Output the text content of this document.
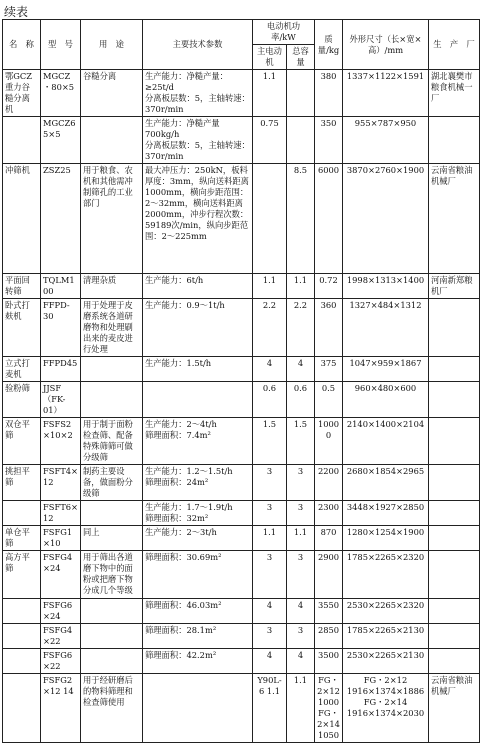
续表
名　称	型　号	用　途	主要技术参数	电动机功率/kW		质量/kg	外形尺寸（长×宽×高）/mm	生　产　厂
				主电动机	总容量			
鄂GCZ重力谷糙分离机	MGCZ・80×5	谷糙分离	生产能力：净糙产量：≥25t/d
分离板层数：5，主轴转速：370r/min	1.1		380	1337×1122×1591	湖北襄樊市粮食机械一厂
	MGCZ65×5		生产能力：净糙产量700kg/h
分离板层数：5，主轴转速：370r/min	0.75		350	955×787×950	
冲筛机	ZSZ25	用于粮食、农机和其他需冲制筛孔的工业部门	最大冲压力：250kN，板料厚度：3mm，纵向送料距离1000mm，横向步距范围：2～32mm，横向送料距离2000mm，冲步行程次数：59189次/min，纵向步距范围：2～225mm		8.5	6000	3870×2760×1900	云南省粮油机械厂
平面回转筛	TQLM100	清理杂质	生产能力：6t/h	1.1	1.1	0.72	1998×1313×1400	河南新郑粮机厂
卧式打麸机	FFPD-30	用于处理于皮磨系统各道研磨物和处理刷出来的麦皮进行处理	生产能力：0.9～1t/h	2.2	2.2	360	1327×484×1312	
立式打麦机	FFPD45		生产能力：1.5t/h	4	4	375	1047×959×1867	
验粉筛	JJSF（FK-01）			0.6	0.6	0.5	960×480×600	
双仓平筛	FSFS2×10×2	用于制于面粉检查筛、配备特殊筛筛可做分级筛	生产能力：2～4t/h
筛理面积：7.4m²	1.5	1.5	10000	2140×1400×2104	
挑担平筛	FSFT4×12	制药主要设备，做面粉分级筛	生产能力：1.2～1.5t/h
筛理面积：24m²	3	3	2200	2680×1854×2965	
	FSFT6×12		生产能力：1.7～1.9t/h
筛理面积：32m²	3	3	2300	3448×1927×2850	
单仓平筛	FSFG1×10	同上	生产能力：2～3t/h	1.1	1.1	870	1280×1254×1900	
高方平筛	FSFG4×24	用于筛出各道磨下物中的面粉或把磨下物分成几个等级	筛理面积：30.69m²	3	3	2900	1785×2265×2320	
	FSFG6×24		筛理面积：46.03m²	4	4	3550	2530×2265×2320	
	FSFG4×22		筛理面积：28.1m²	3	3	2850	1785×2265×2130	
	FSFG6×22		筛理面积：42.2m²	4	4	3500	2530×2265×2130	
	FSFG2×12 14	用于经研磨后的物料筛理和检查筛使用		Y90L-6 1.1	1.1	FG・2×12 1000 FG・2×14 1050	FG・2×12 1916×1374×1886 FG・2×14 1916×1374×2030	云南省粮油机械厂
